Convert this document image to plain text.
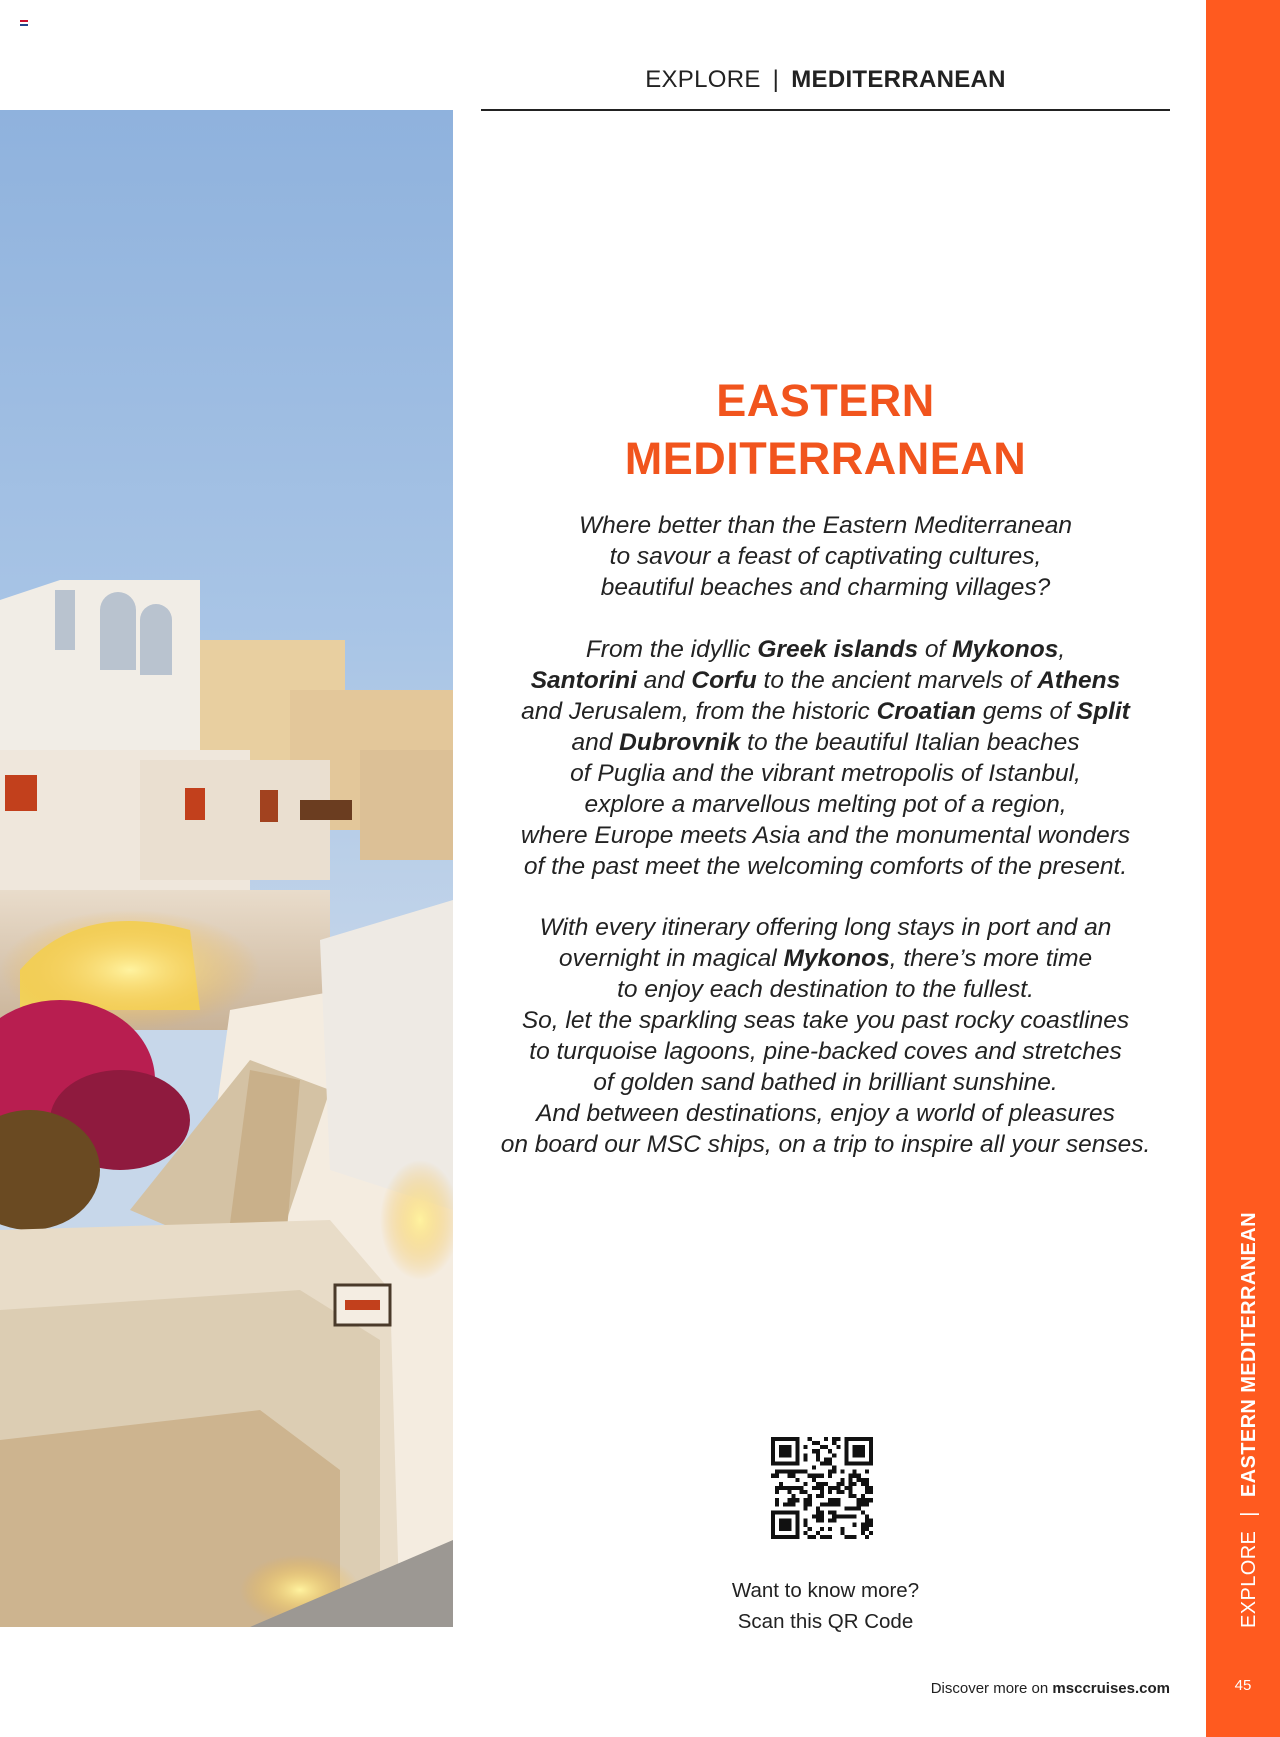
EXPLORE | MEDITERRANEAN
EASTERN
MEDITERRANEAN
Where better than the Eastern Mediterranean
to savour a feast of captivating cultures,
beautiful beaches and charming villages?
From the idyllic Greek islands of Mykonos,
Santorini and Corfu to the ancient marvels of Athens
and Jerusalem, from the historic Croatian gems of Split
and Dubrovnik to the beautiful Italian beaches
of Puglia and the vibrant metropolis of Istanbul,
explore a marvellous melting pot of a region,
where Europe meets Asia and the monumental wonders
of the past meet the welcoming comforts of the present.
With every itinerary offering long stays in port and an
overnight in magical Mykonos, there’s more time
to enjoy each destination to the fullest.
So, let the sparkling seas take you past rocky coastlines
to turquoise lagoons, pine-backed coves and stretches
of golden sand bathed in brilliant sunshine.
And between destinations, enjoy a world of pleasures
on board our MSC ships, on a trip to inspire all your senses.
Want to know more?
Scan this QR Code
Discover more on msccruises.com
EXPLORE|EASTERN MEDITERRANEAN
45
